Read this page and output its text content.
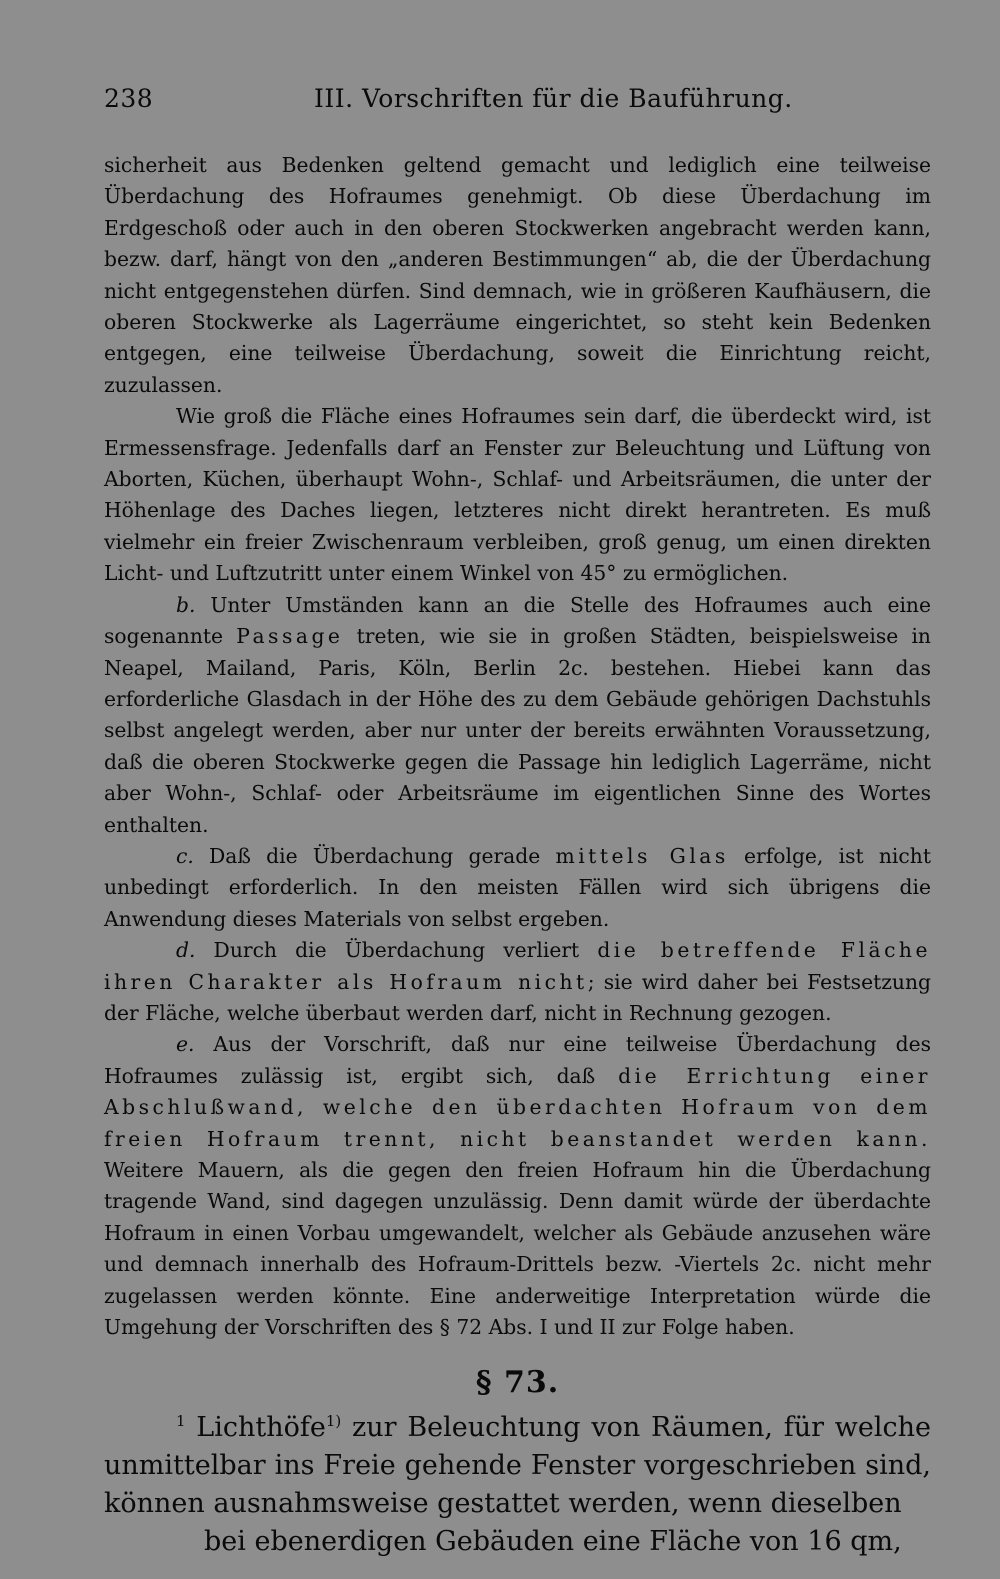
238	III. Vorschriften für die Bauführung.

sicherheit aus Bedenken geltend gemacht und lediglich eine teilweise Überdachung des Hofraumes genehmigt. Ob diese Überdachung im Erdgeschoß oder auch in den oberen Stockwerken angebracht werden kann, bezw. darf, hängt von den „anderen Bestimmungen“ ab, die der Überdachung nicht entgegenstehen dürfen. Sind demnach, wie in größeren Kaufhäusern, die oberen Stockwerke als Lagerräume eingerichtet, so steht kein Bedenken entgegen, eine teilweise Überdachung, soweit die Einrichtung reicht, zuzulassen.

Wie groß die Fläche eines Hofraumes sein darf, die überdeckt wird, ist Ermessensfrage. Jedenfalls darf an Fenster zur Beleuchtung und Lüftung von Aborten, Küchen, überhaupt Wohn-, Schlaf- und Arbeitsräumen, die unter der Höhenlage des Daches liegen, letzteres nicht direkt herantreten. Es muß vielmehr ein freier Zwischenraum verbleiben, groß genug, um einen direkten Licht- und Luftzutritt unter einem Winkel von 45° zu ermöglichen.

b. Unter Umständen kann an die Stelle des Hofraumes auch eine sogenannte Passage treten, wie sie in großen Städten, beispielsweise in Neapel, Mailand, Paris, Köln, Berlin 2c. bestehen. Hiebei kann das erforderliche Glasdach in der Höhe des zu dem Gebäude gehörigen Dachstuhls selbst angelegt werden, aber nur unter der bereits erwähnten Voraussetzung, daß die oberen Stockwerke gegen die Passage hin lediglich Lagerräme, nicht aber Wohn-, Schlaf- oder Arbeitsräume im eigentlichen Sinne des Wortes enthalten.

c. Daß die Überdachung gerade mittels Glas erfolge, ist nicht unbedingt erforderlich. In den meisten Fällen wird sich übrigens die Anwendung dieses Materials von selbst ergeben.

d. Durch die Überdachung verliert die betreffende Fläche ihren Charakter als Hofraum nicht; sie wird daher bei Festsetzung der Fläche, welche überbaut werden darf, nicht in Rechnung gezogen.

e. Aus der Vorschrift, daß nur eine teilweise Überdachung des Hofraumes zulässig ist, ergibt sich, daß die Errichtung einer Abschlußwand, welche den überdachten Hofraum von dem freien Hofraum trennt, nicht beanstandet werden kann. Weitere Mauern, als die gegen den freien Hofraum hin die Überdachung tragende Wand, sind dagegen unzulässig. Denn damit würde der überdachte Hofraum in einen Vorbau umgewandelt, welcher als Gebäude anzusehen wäre und demnach innerhalb des Hofraum-Drittels bezw. -Viertels 2c. nicht mehr zugelassen werden könnte. Eine anderweitige Interpretation würde die Umgehung der Vorschriften des § 72 Abs. I und II zur Folge haben.

§ 73.

$^1$ Lichthöfe$^{1)}$ zur Beleuchtung von Räumen, für welche unmittelbar ins Freie gehende Fenster vorgeschrieben sind, können ausnahmsweise gestattet werden, wenn dieselben

bei ebenerdigen Gebäuden eine Fläche von 16 qm,
